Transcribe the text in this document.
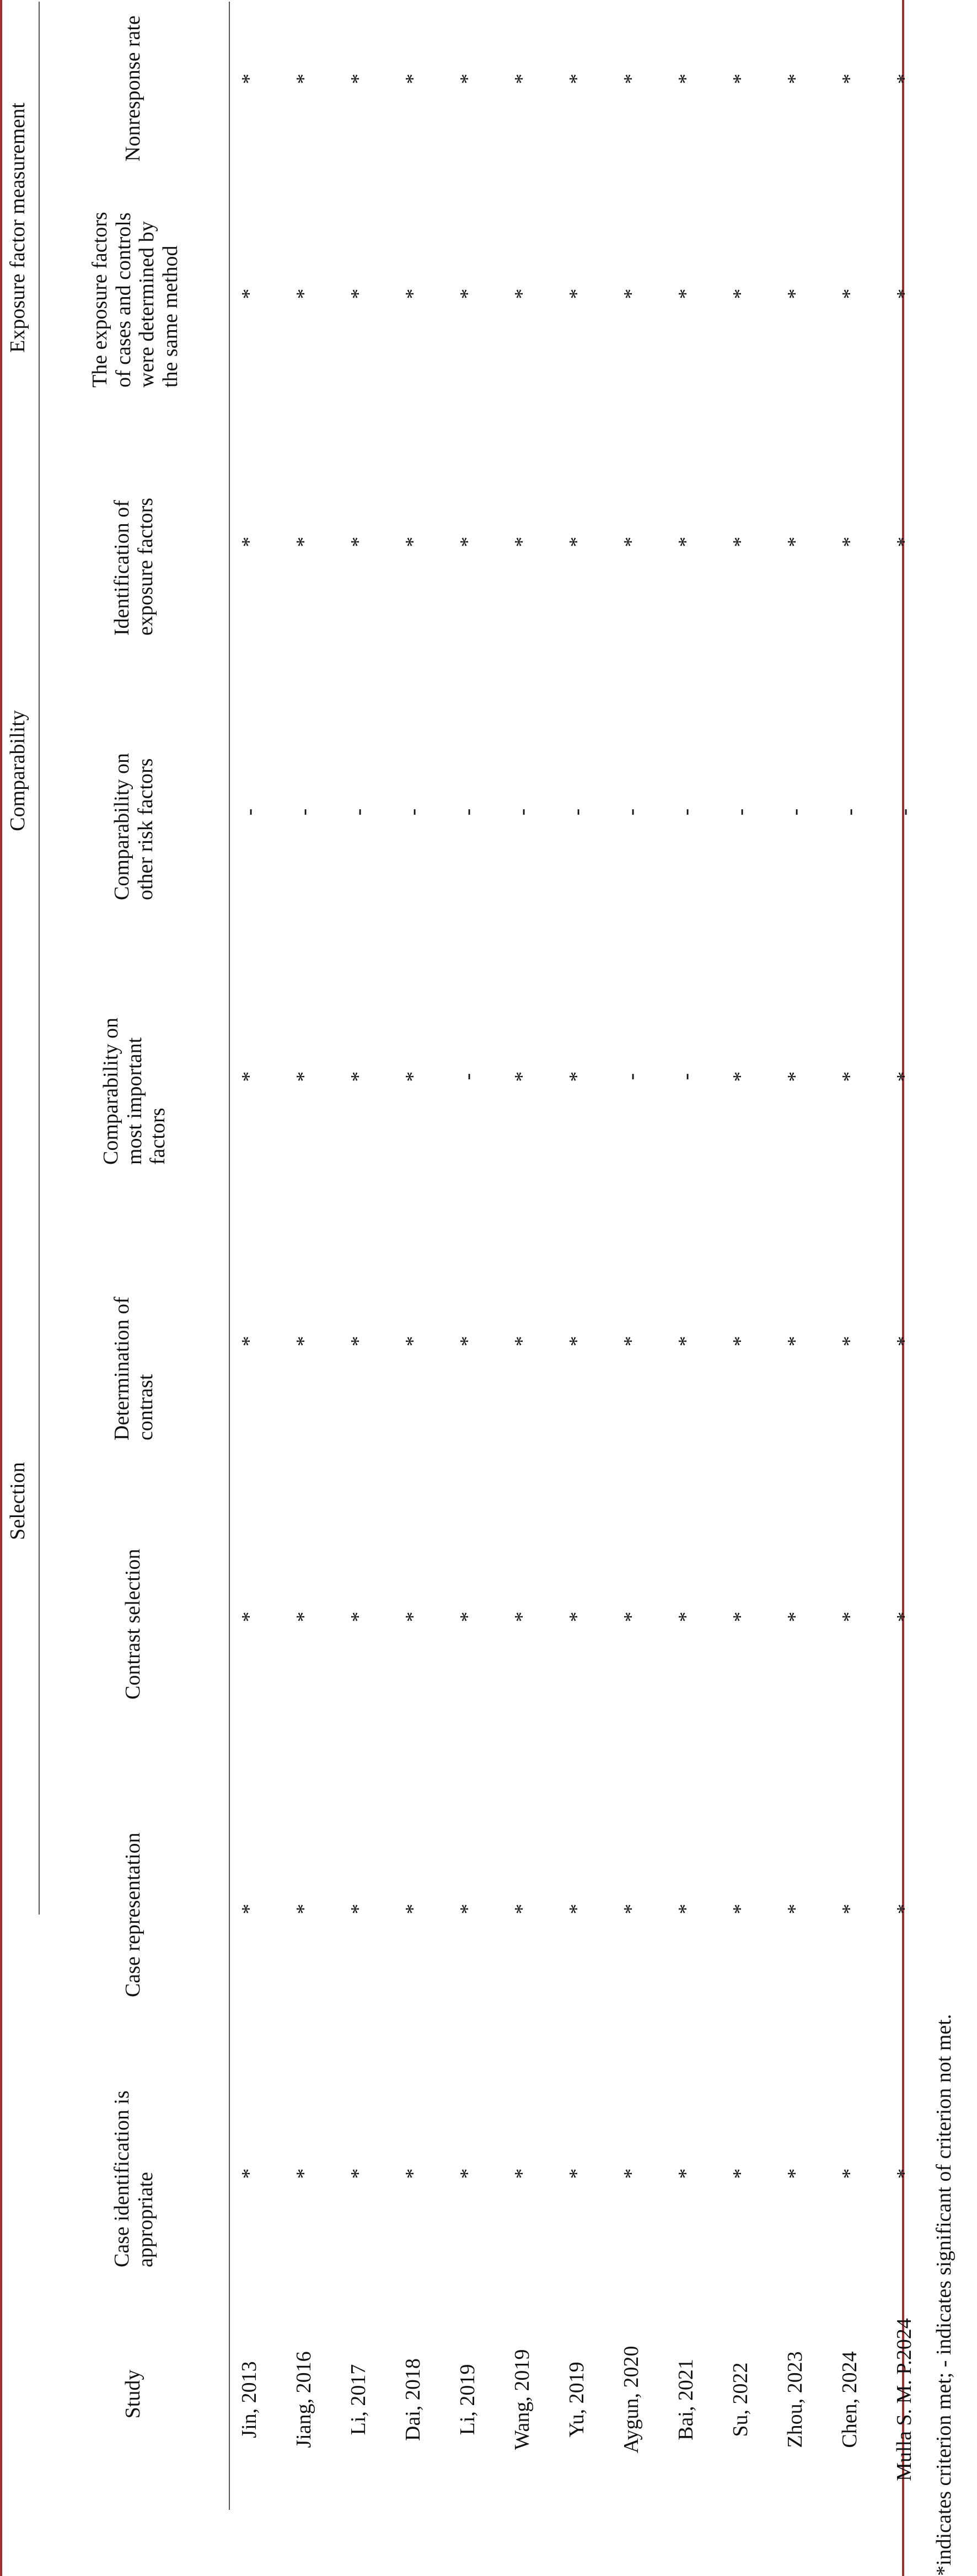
Selection
Comparability
Exposure factor measurement
Study
Case identification is appropriate
Case representation
Contrast selection
Determination of contrast
Comparability on most important factors
Comparability on other risk factors
Identification of exposure factors
The exposure factors of cases and controls were determined by the same method
Nonresponse rate
Jin, 2013
*
*
*
*
*
-
*
*
*
Jiang, 2016
*
*
*
*
*
-
*
*
*
Li, 2017
*
*
*
*
*
-
*
*
*
Dai, 2018
*
*
*
*
*
-
*
*
*
Li, 2019
*
*
*
*
-
-
*
*
*
Wang, 2019
*
*
*
*
*
-
*
*
*
Yu, 2019
*
*
*
*
*
-
*
*
*
Aygun, 2020
*
*
*
*
-
-
*
*
*
Bai, 2021
*
*
*
*
-
-
*
*
*
Su, 2022
*
*
*
*
*
-
*
*
*
Zhou, 2023
*
*
*
*
*
-
*
*
*
Chen, 2024
*
*
*
*
*
-
*
*
*
Mulla S. M. P.2024
*
*
*
*
*
-
*
*
*
*indicates criterion met; - indicates significant of criterion not met.
